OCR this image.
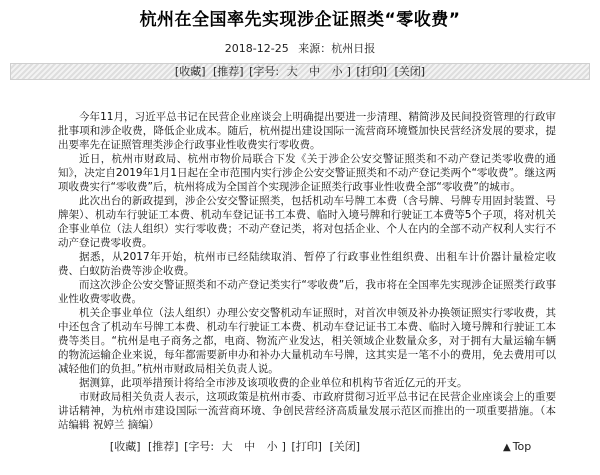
杭州在全国率先实现涉企证照类“零收费”
2018-12-25 来源：杭州日报
[收藏] [推荐] [字号: 大 中 小 ] [打印] [关闭]

今年11月，习近平总书记在民营企业座谈会上明确提出要进一步清理、精简涉及民间投资管理的行政审批事项和涉企收费，降低企业成本。随后，杭州提出建设国际一流营商环境暨加快民营经济发展的要求，提出要率先在证照管理类涉企行政事业性收费实行零收费。

近日，杭州市财政局、杭州市物价局联合下发《关于涉企公安交警证照类和不动产登记类零收费的通知》，决定自2019年1月1日起在全市范围内实行涉企公安交警证照类和不动产登记类两个“零收费”。继这两项收费实行“零收费”后，杭州将成为全国首个实现涉企证照类行政事业性收费全部“零收费”的城市。

此次出台的新政提到，涉企公安交警证照类，包括机动车号牌工本费（含号牌、号牌专用固封装置、号牌架）、机动车行驶证工本费、机动车登记证书工本费、临时入境号牌和行驶证工本费等5个子项，将对机关企事业单位（法人组织）实行零收费；不动产登记类，将对包括企业、个人在内的全部不动产权利人实行不动产登记费零收费。

据悉，从2017年开始，杭州市已经陆续取消、暂停了行政事业性组织费、出租车计价器计量检定收费、白蚁防治费等涉企收费。

而这次涉企公安交警证照类和不动产登记类实行“零收费”后，我市将在全国率先实现涉企证照类行政事业性收费零收费。

机关企事业单位（法人组织）办理公安交警机动车证照时，对首次申领及补办换领证照实行零收费，其中还包含了机动车号牌工本费、机动车行驶证工本费、机动车登记证书工本费、临时入境号牌和行驶证工本费等类目。“杭州是电子商务之都，电商、物流产业发达，相关领域企业数量众多，对于拥有大量运输车辆的物流运输企业来说，每年都需要新申办和补办大量机动车号牌，这其实是一笔不小的费用，免去费用可以减轻他们的负担。”杭州市财政局相关负责人说。

据测算，此项举措预计将给全市涉及该项收费的企业单位和机构节省近亿元的开支。

市财政局相关负责人表示，这项政策是杭州市委、市政府贯彻习近平总书记在民营企业座谈会上的重要讲话精神，为杭州市建设国际一流营商环境、争创民营经济高质量发展示范区而推出的一项重要措施。（本站编辑 祝婷兰 摘编）

[收藏] [推荐] [字号: 大 中 小 ] [打印] [关闭]	▲ Top
